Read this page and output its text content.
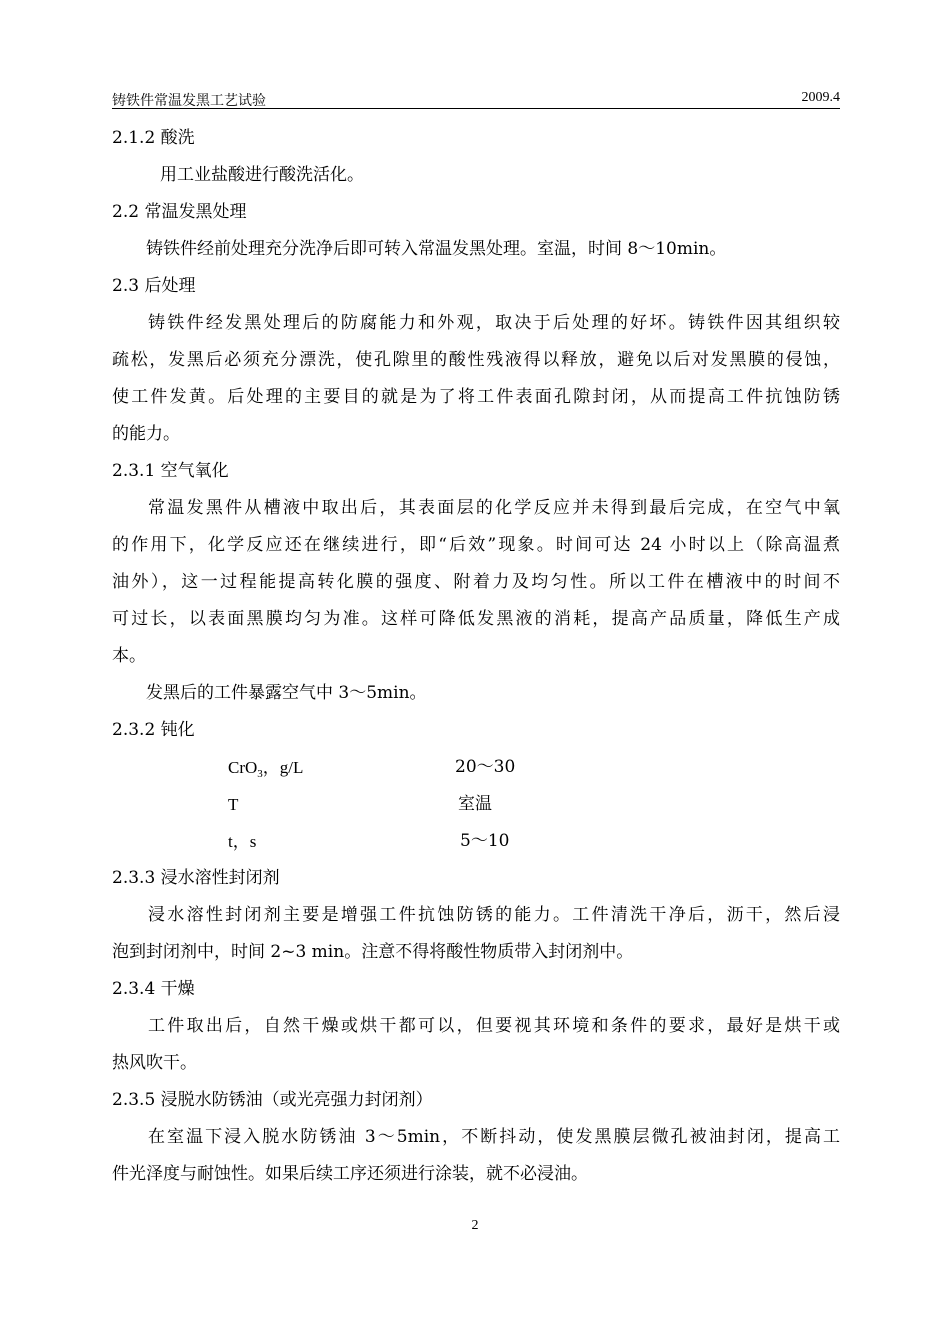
铸铁件常温发黑工艺试验	2009.4
2.1.2 酸洗
用工业盐酸进行酸洗活化。
2.2 常温发黑处理
铸铁件经前处理充分洗净后即可转入常温发黑处理。室温，时间 8～10min。
2.3 后处理
铸铁件经发黑处理后的防腐能力和外观，取决于后处理的好坏。铸铁件因其组织较
疏松，发黑后必须充分漂洗，使孔隙里的酸性残液得以释放，避免以后对发黑膜的侵蚀，
使工件发黄。后处理的主要目的就是为了将工件表面孔隙封闭，从而提高工件抗蚀防锈
的能力。
2.3.1 空气氧化
常温发黑件从槽液中取出后，其表面层的化学反应并未得到最后完成，在空气中氧
的作用下，化学反应还在继续进行，即“后效”现象。时间可达 24 小时以上（除高温煮
油外），这一过程能提高转化膜的强度、附着力及均匀性。所以工件在槽液中的时间不
可过长，以表面黑膜均匀为准。这样可降低发黑液的消耗，提高产品质量，降低生产成
本。
发黑后的工件暴露空气中 3～5min。
2.3.2 钝化
CrO$_3$，g/L	20～30
T	室温
t，s	5～10
2.3.3 浸水溶性封闭剂
浸水溶性封闭剂主要是增强工件抗蚀防锈的能力。工件清洗干净后，沥干，然后浸
泡到封闭剂中，时间 2~3 min。注意不得将酸性物质带入封闭剂中。
2.3.4 干燥
工件取出后，自然干燥或烘干都可以，但要视其环境和条件的要求，最好是烘干或
热风吹干。
2.3.5 浸脱水防锈油（或光亮强力封闭剂）
在室温下浸入脱水防锈油 3～5min，不断抖动，使发黑膜层微孔被油封闭，提高工
件光泽度与耐蚀性。如果后续工序还须进行涂装，就不必浸油。
2
